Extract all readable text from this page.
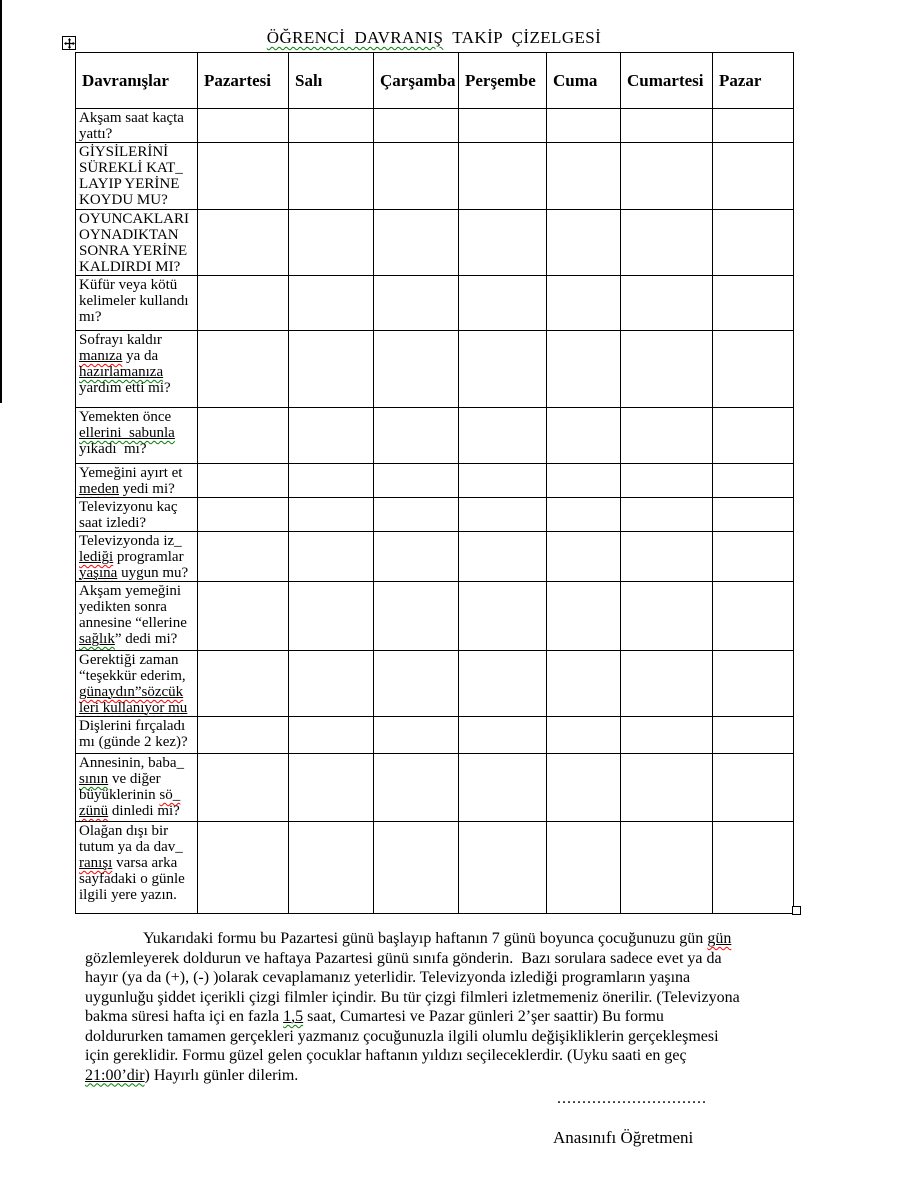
ÖĞRENCİ  DAVRANIŞ  TAKİP  ÇİZELGESİ
Davranışlar	Pazartesi	Salı	Çarşamba	Perşembe	Cuma	Cumartesi	Pazar

Akşam saat kaçta
yattı?							

GİYSİLERİNİ
SÜREKLİ KAT_
LAYIP YERİNE
KOYDU MU?							

OYUNCAKLARI
OYNADIKTAN
SONRA YERİNE
KALDIRDI MI?							

Küfür veya kötü
kelimeler kullandı
mı?							

Sofrayı kaldır
manıza ya da
hazırlamanıza
yardım etti mi?							

Yemekten önce
ellerini  sabunla
yıkadı  mı?							

Yemeğini ayırt et
meden yedi mi?							

Televizyonu kaç
saat izledi?							

Televizyonda iz_
lediği programlar
yaşına uygun mu?							

Akşam yemeğini
yedikten sonra
annesine “ellerine
sağlık” dedi mi?							

Gerektiği zaman
“teşekkür ederim,
günaydın”sözcük
leri kullanıyor mu							

Dişlerini fırçaladı
mı (günde 2 kez)?							

Annesinin, baba_
sının ve diğer
büyüklerinin sö_
zünü dinledi mi?							

Olağan dışı bir
tutum ya da dav_
ranışı varsa arka
sayfadaki o günle
ilgili yere yazın.							

Yukarıdaki formu bu Pazartesi günü başlayıp haftanın 7 günü boyunca çocuğunuzu gün gün
gözlemleyerek doldurun ve haftaya Pazartesi günü sınıfa gönderin.  Bazı sorulara sadece evet ya da
hayır (ya da (+), (-) )olarak cevaplamanız yeterlidir. Televizyonda izlediği programların yaşına
uygunluğu şiddet içerikli çizgi filmler içindir. Bu tür çizgi filmleri izletmemeniz önerilir. (Televizyona
bakma süresi hafta içi en fazla 1,5 saat, Cumartesi ve Pazar günleri 2’şer saattir) Bu formu
doldururken tamamen gerçekleri yazmanız çocuğunuzla ilgili olumlu değişikliklerin gerçekleşmesi
için gereklidir. Formu güzel gelen çocuklar haftanın yıldızı seçileceklerdir. (Uyku saati en geç
21:00’dir) Hayırlı günler dilerim.
..............................
Anasınıfı Öğretmeni
